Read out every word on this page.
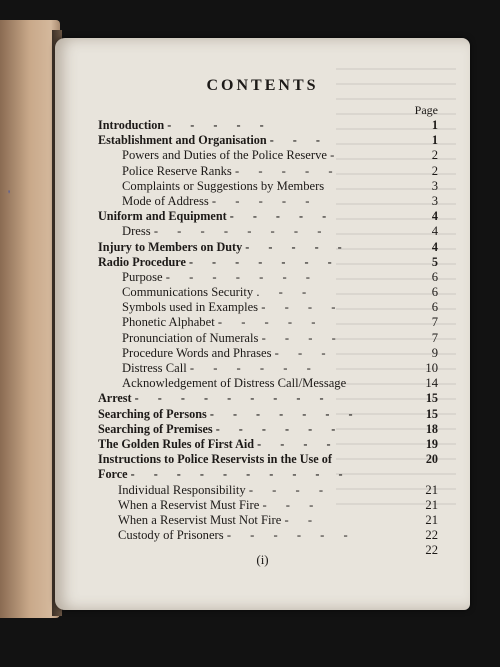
'
CONTENTS
Page
Introduction - - - - -	1
Establishment and Organisation - - -	1
Powers and Duties of the Police Reserve -	2
Police Reserve Ranks - - - - -	2
Complaints or Suggestions by Members	3
Mode of Address - - - - -	3
Uniform and Equipment - - - - -	4
Dress - - - - - - - -	4
Injury to Members on Duty - - - - -	4
Radio Procedure - - - - - - -	5
Purpose - - - - - - -	6
Communications Security . - -	6
Symbols used in Examples - - - -	6
Phonetic Alphabet - - - - -	7
Pronunciation of Numerals - - - -	7
Procedure Words and Phrases - - -	9
Distress Call - - - - - -	10
Acknowledgement of Distress Call/Message	14
Arrest - - - - - - - - -	15
Searching of Persons - - - - - - -	15
Searching of Premises - - - - - -	18
The Golden Rules of First Aid - - - -	19
Instructions to Police Reservists in the Use of	20
Force - - - - - - - - - -
Individual Responsibility - - - -	21
When a Reservist Must Fire - - -	21
When a Reservist Must Not Fire - -	21
Custody of Prisoners - - - - - -	22
22
(i)
